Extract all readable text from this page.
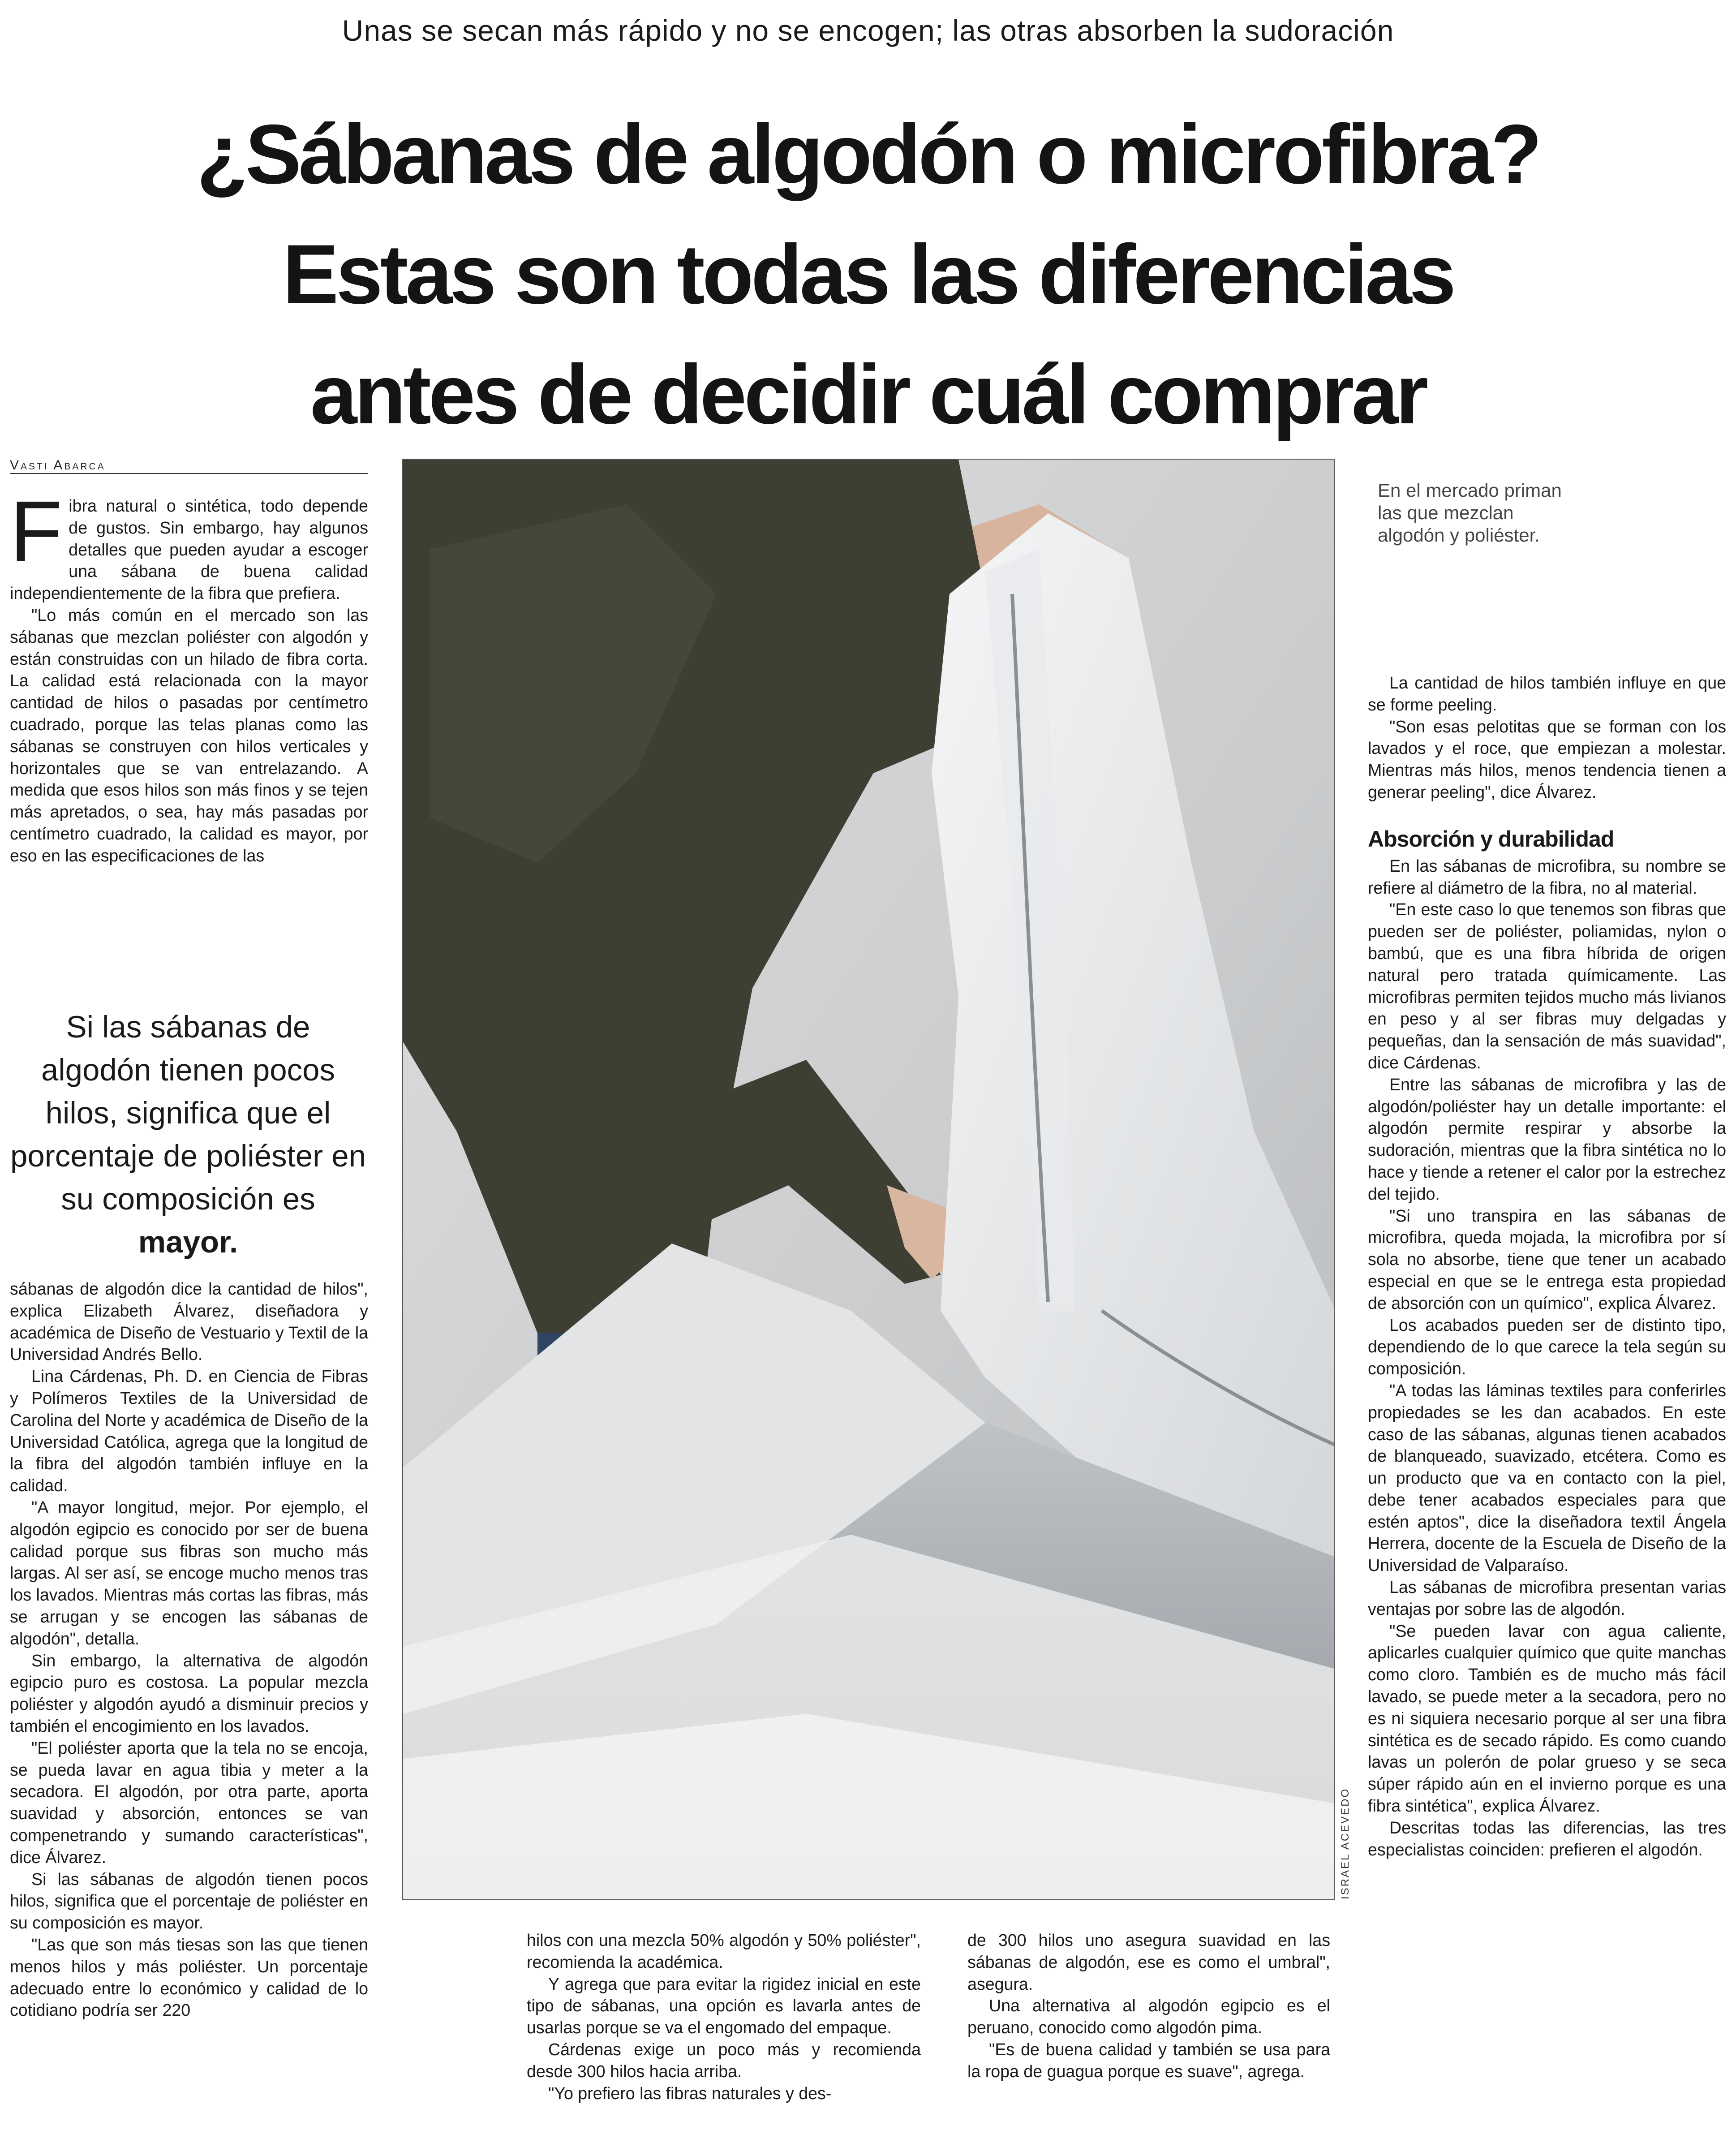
Unas se secan más rápido y no se encogen; las otras absorben la sudoración
¿Sábanas de algodón o microfibra?
Estas son todas las diferencias
antes de decidir cuál comprar
Vasti Abarca

Fibra natural o sintética, todo depende de gustos. Sin embargo, hay algunos detalles que pueden ayudar a escoger una sábana de buena calidad independientemente de la fibra que prefiera.

"Lo más común en el mercado son las sábanas que mezclan poliéster con algodón y están construidas con un hilado de fibra corta. La calidad está relacionada con la mayor cantidad de hilos o pasadas por centímetro cuadrado, porque las telas planas como las sábanas se construyen con hilos verticales y horizontales que se van entrelazando. A medida que esos hilos son más finos y se tejen más apretados, o sea, hay más pasadas por centímetro cuadrado, la calidad es mayor, por eso en las especificaciones de las

Si las sábanas de algodón tienen pocos hilos, significa que el porcentaje de poliéster en su composición es mayor.

sábanas de algodón dice la cantidad de hilos", explica Elizabeth Álvarez, diseñadora y académica de Diseño de Vestuario y Textil de la Universidad Andrés Bello.

Lina Cárdenas, Ph. D. en Ciencia de Fibras y Polímeros Textiles de la Universidad de Carolina del Norte y académica de Diseño de la Universidad Católica, agrega que la longitud de la fibra del algodón también influye en la calidad.

"A mayor longitud, mejor. Por ejemplo, el algodón egipcio es conocido por ser de buena calidad porque sus fibras son mucho más largas. Al ser así, se encoge mucho menos tras los lavados. Mientras más cortas las fibras, más se arrugan y se encogen las sábanas de algodón", detalla.

Sin embargo, la alternativa de algodón egipcio puro es costosa. La popular mezcla poliéster y algodón ayudó a disminuir precios y también el encogimiento en los lavados.

"El poliéster aporta que la tela no se encoja, se pueda lavar en agua tibia y meter a la secadora. El algodón, por otra parte, aporta suavidad y absorción, entonces se van compenetrando y sumando características", dice Álvarez.

Si las sábanas de algodón tienen pocos hilos, significa que el porcentaje de poliéster en su composición es mayor.

"Las que son más tiesas son las que tienen menos hilos y más poliéster. Un porcentaje adecuado entre lo económico y calidad de lo cotidiano podría ser 220

En el mercado priman las que mezclan algodón y poliéster.
ISRAEL ACEVEDO

hilos con una mezcla 50% algodón y 50% poliéster", recomienda la académica.

Y agrega que para evitar la rigidez inicial en este tipo de sábanas, una opción es lavarla antes de usarlas porque se va el engomado del empaque.

Cárdenas exige un poco más y recomienda desde 300 hilos hacia arriba.

"Yo prefiero las fibras naturales y des-

de 300 hilos uno asegura suavidad en las sábanas de algodón, ese es como el umbral", asegura.

Una alternativa al algodón egipcio es el peruano, conocido como algodón pima.

"Es de buena calidad y también se usa para la ropa de guagua porque es suave", agrega.

La cantidad de hilos también influye en que se forme peeling.

"Son esas pelotitas que se forman con los lavados y el roce, que empiezan a molestar. Mientras más hilos, menos tendencia tienen a generar peeling", dice Álvarez.

Absorción y durabilidad

En las sábanas de microfibra, su nombre se refiere al diámetro de la fibra, no al material.

"En este caso lo que tenemos son fibras que pueden ser de poliéster, poliamidas, nylon o bambú, que es una fibra híbrida de origen natural pero tratada químicamente. Las microfibras permiten tejidos mucho más livianos en peso y al ser fibras muy delgadas y pequeñas, dan la sensación de más suavidad", dice Cárdenas.

Entre las sábanas de microfibra y las de algodón/poliéster hay un detalle importante: el algodón permite respirar y absorbe la sudoración, mientras que la fibra sintética no lo hace y tiende a retener el calor por la estrechez del tejido.

"Si uno transpira en las sábanas de microfibra, queda mojada, la microfibra por sí sola no absorbe, tiene que tener un acabado especial en que se le entrega esta propiedad de absorción con un químico", explica Álvarez.

Los acabados pueden ser de distinto tipo, dependiendo de lo que carece la tela según su composición.

"A todas las láminas textiles para conferirles propiedades se les dan acabados. En este caso de las sábanas, algunas tienen acabados de blanqueado, suavizado, etcétera. Como es un producto que va en contacto con la piel, debe tener acabados especiales para que estén aptos", dice la diseñadora textil Ángela Herrera, docente de la Escuela de Diseño de la Universidad de Valparaíso.

Las sábanas de microfibra presentan varias ventajas por sobre las de algodón.

"Se pueden lavar con agua caliente, aplicarles cualquier químico que quite manchas como cloro. También es de mucho más fácil lavado, se puede meter a la secadora, pero no es ni siquiera necesario porque al ser una fibra sintética es de secado rápido. Es como cuando lavas un polerón de polar grueso y se seca súper rápido aún en el invierno porque es una fibra sintética", explica Álvarez.

Descritas todas las diferencias, las tres especialistas coinciden: prefieren el algodón.
